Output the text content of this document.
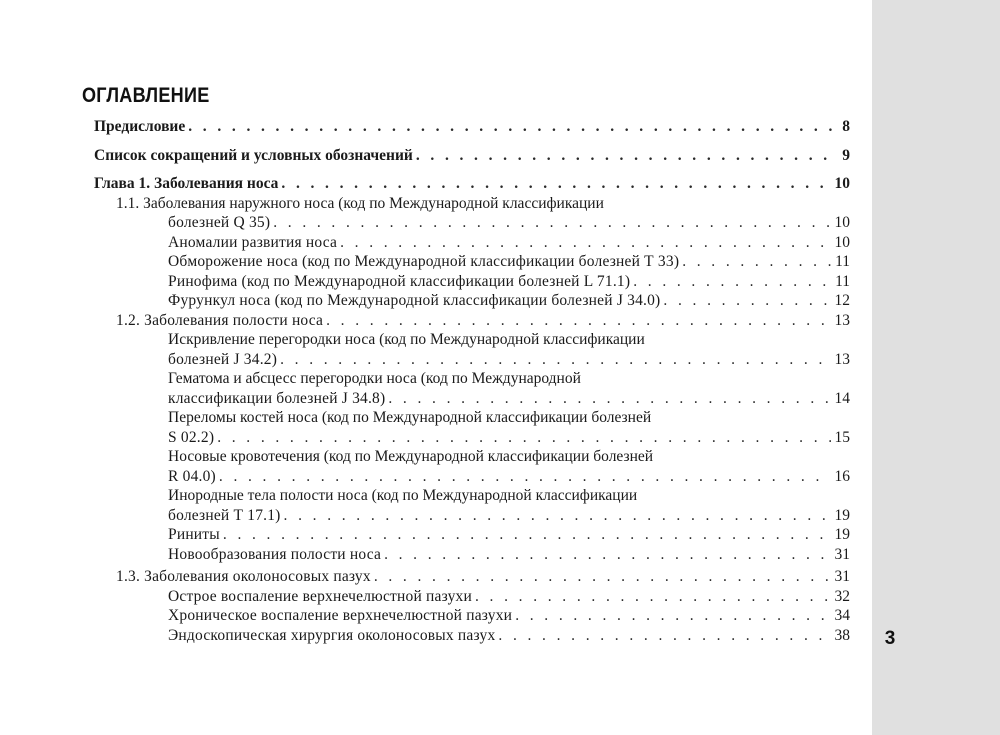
ОГЛАВЛЕНИЕ
Предисловие . . .	8
Список сокращений и условных обозначений . . .	9
Глава 1. Заболевания носа . . .	10
1.1. Заболевания наружного носа (код по Международной классификации
болезней Q 35) . . .	10
Аномалии развития носа . . .	10
Обморожение носа (код по Международной классификации болезней Т 33) . . .	11
Ринофима (код по Международной классификации болезней L 71.1) . . .	11
Фурункул носа (код по Международной классификации болезней J 34.0) . . .	12
1.2. Заболевания полости носа . . .	13
Искривление перегородки носа (код по Международной классификации
болезней J 34.2) . . .	13
Гематома и абсцесс перегородки носа (код по Международной
классификации болезней J 34.8) . . .	14
Переломы костей носа (код по Международной классификации болезней
S 02.2) . . .	15
Носовые кровотечения (код по Международной классификации болезней
R 04.0) . . .	16
Инородные тела полости носа (код по Международной классификации
болезней Т 17.1) . . .	19
Риниты . . .	19
Новообразования полости носа . . .	31
1.3. Заболевания околоносовых пазух . . .	31
Острое воспаление верхнечелюстной пазухи . . .	32
Хроническое воспаление верхнечелюстной пазухи . . .	34
Эндоскопическая хирургия околоносовых пазух . . .	38 3
